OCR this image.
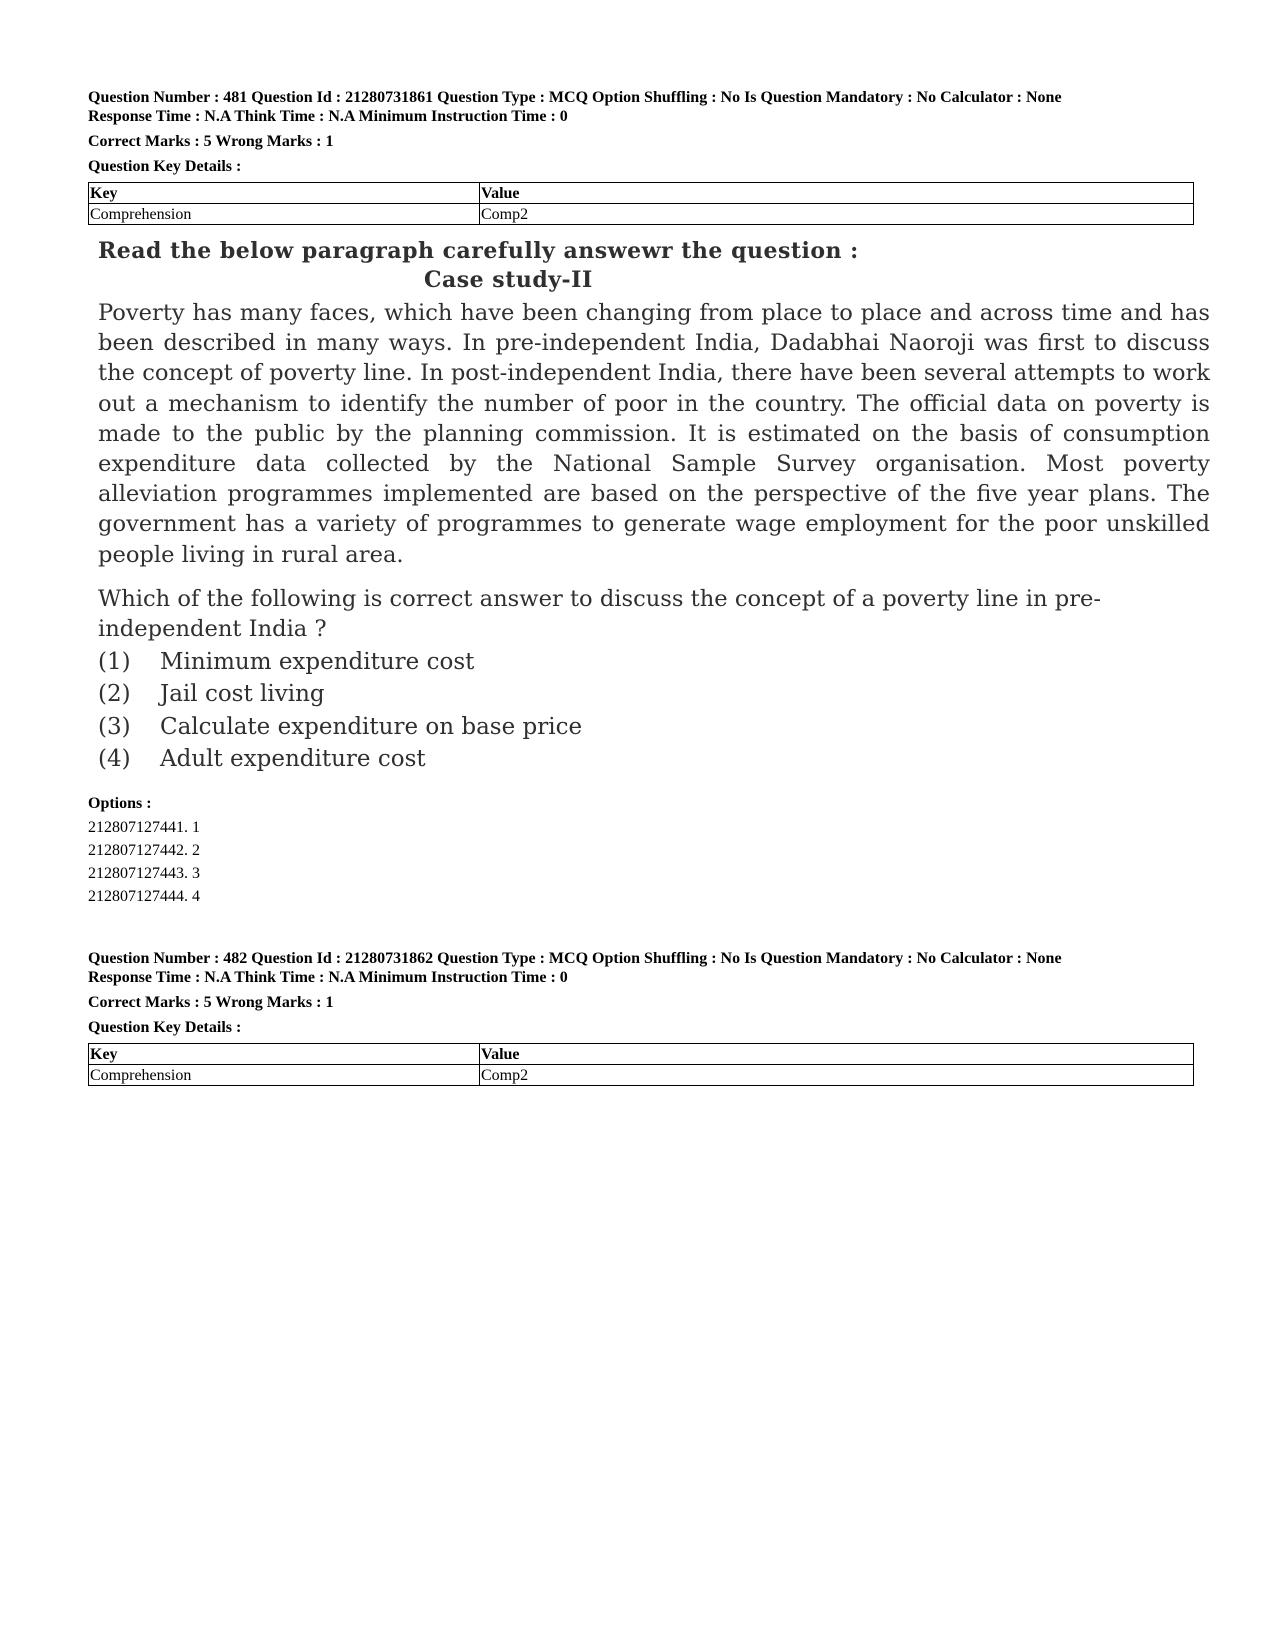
Question Number : 481 Question Id : 21280731861 Question Type : MCQ Option Shuffling : No Is Question Mandatory : No Calculator : None

Response Time : N.A Think Time : N.A Minimum Instruction Time : 0

Correct Marks : 5 Wrong Marks : 1

Question Key Details :

Key	Value
Comprehension	Comp2

Read the below paragraph carefully answewr the question :

Case study-II

Poverty has many faces, which have been changing from place to place and across time and has been described in many ways. In pre-independent India, Dadabhai Naoroji was first to discuss the concept of poverty line. In post-independent India, there have been several attempts to work out a mechanism to identify the number of poor in the country. The official data on poverty is made to the public by the planning commission. It is estimated on the basis of consumption expenditure data collected by the National Sample Survey organisation. Most poverty alleviation programmes implemented are based on the perspective of the five year plans. The government has a variety of programmes to generate wage employment for the poor unskilled people living in rural area.

Which of the following is correct answer to discuss the concept of a poverty line in pre-independent India ?

(1)	Minimum expenditure cost
(2)	Jail cost living
(3)	Calculate expenditure on base price
(4)	Adult expenditure cost

Options :

212807127441. 1

212807127442. 2

212807127443. 3

212807127444. 4

Question Number : 482 Question Id : 21280731862 Question Type : MCQ Option Shuffling : No Is Question Mandatory : No Calculator : None

Response Time : N.A Think Time : N.A Minimum Instruction Time : 0

Correct Marks : 5 Wrong Marks : 1

Question Key Details :

Key	Value
Comprehension	Comp2
